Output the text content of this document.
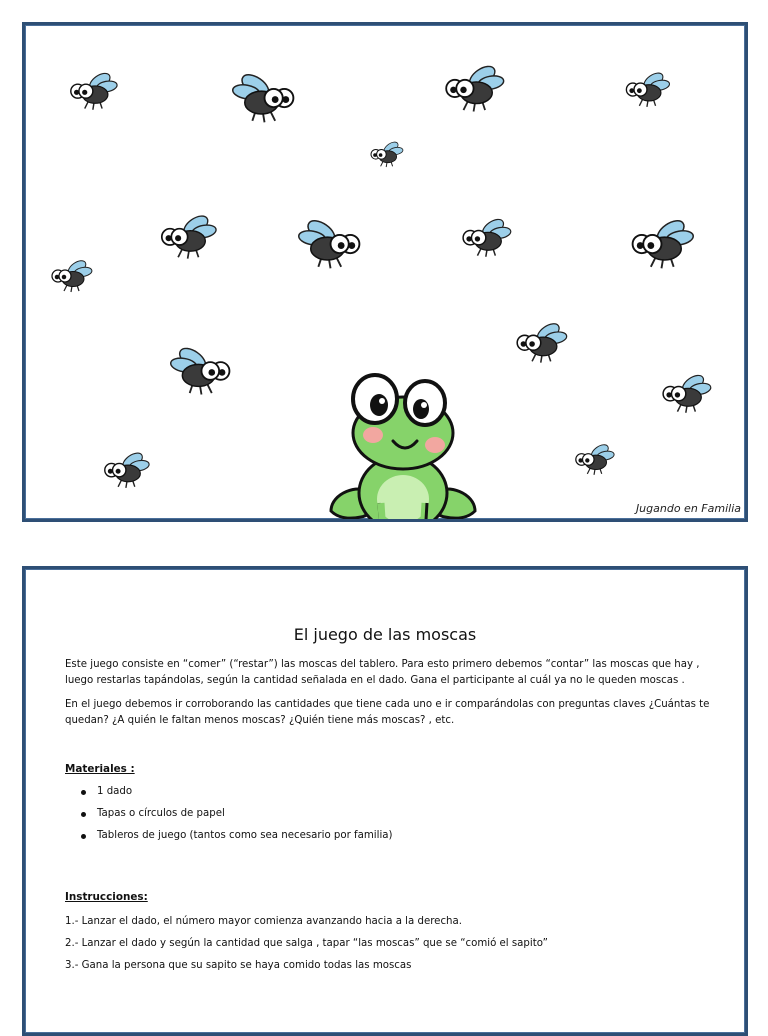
Jugando en Familia
El juego de las moscas
Este juego consiste en “comer” (“restar”) las moscas del tablero. Para esto primero debemos “contar” las moscas que hay , luego restarlas tapándolas, según la cantidad señalada en el dado. Gana el participante al cuál ya no le queden moscas .
En el juego debemos ir corroborando las cantidades que tiene cada uno e ir comparándolas con preguntas claves ¿Cuántas te quedan? ¿A quién le faltan menos moscas? ¿Quién tiene más moscas? , etc.
Materiales :
1 dado
Tapas o círculos de papel
Tableros de juego (tantos como sea necesario por familia)
Instrucciones:
1.- Lanzar el dado, el número mayor comienza avanzando hacia a la derecha.
2.- Lanzar el dado y según la cantidad que salga , tapar “las moscas” que se “comió el sapito”
3.- Gana la persona que su sapito se haya comido todas las moscas
